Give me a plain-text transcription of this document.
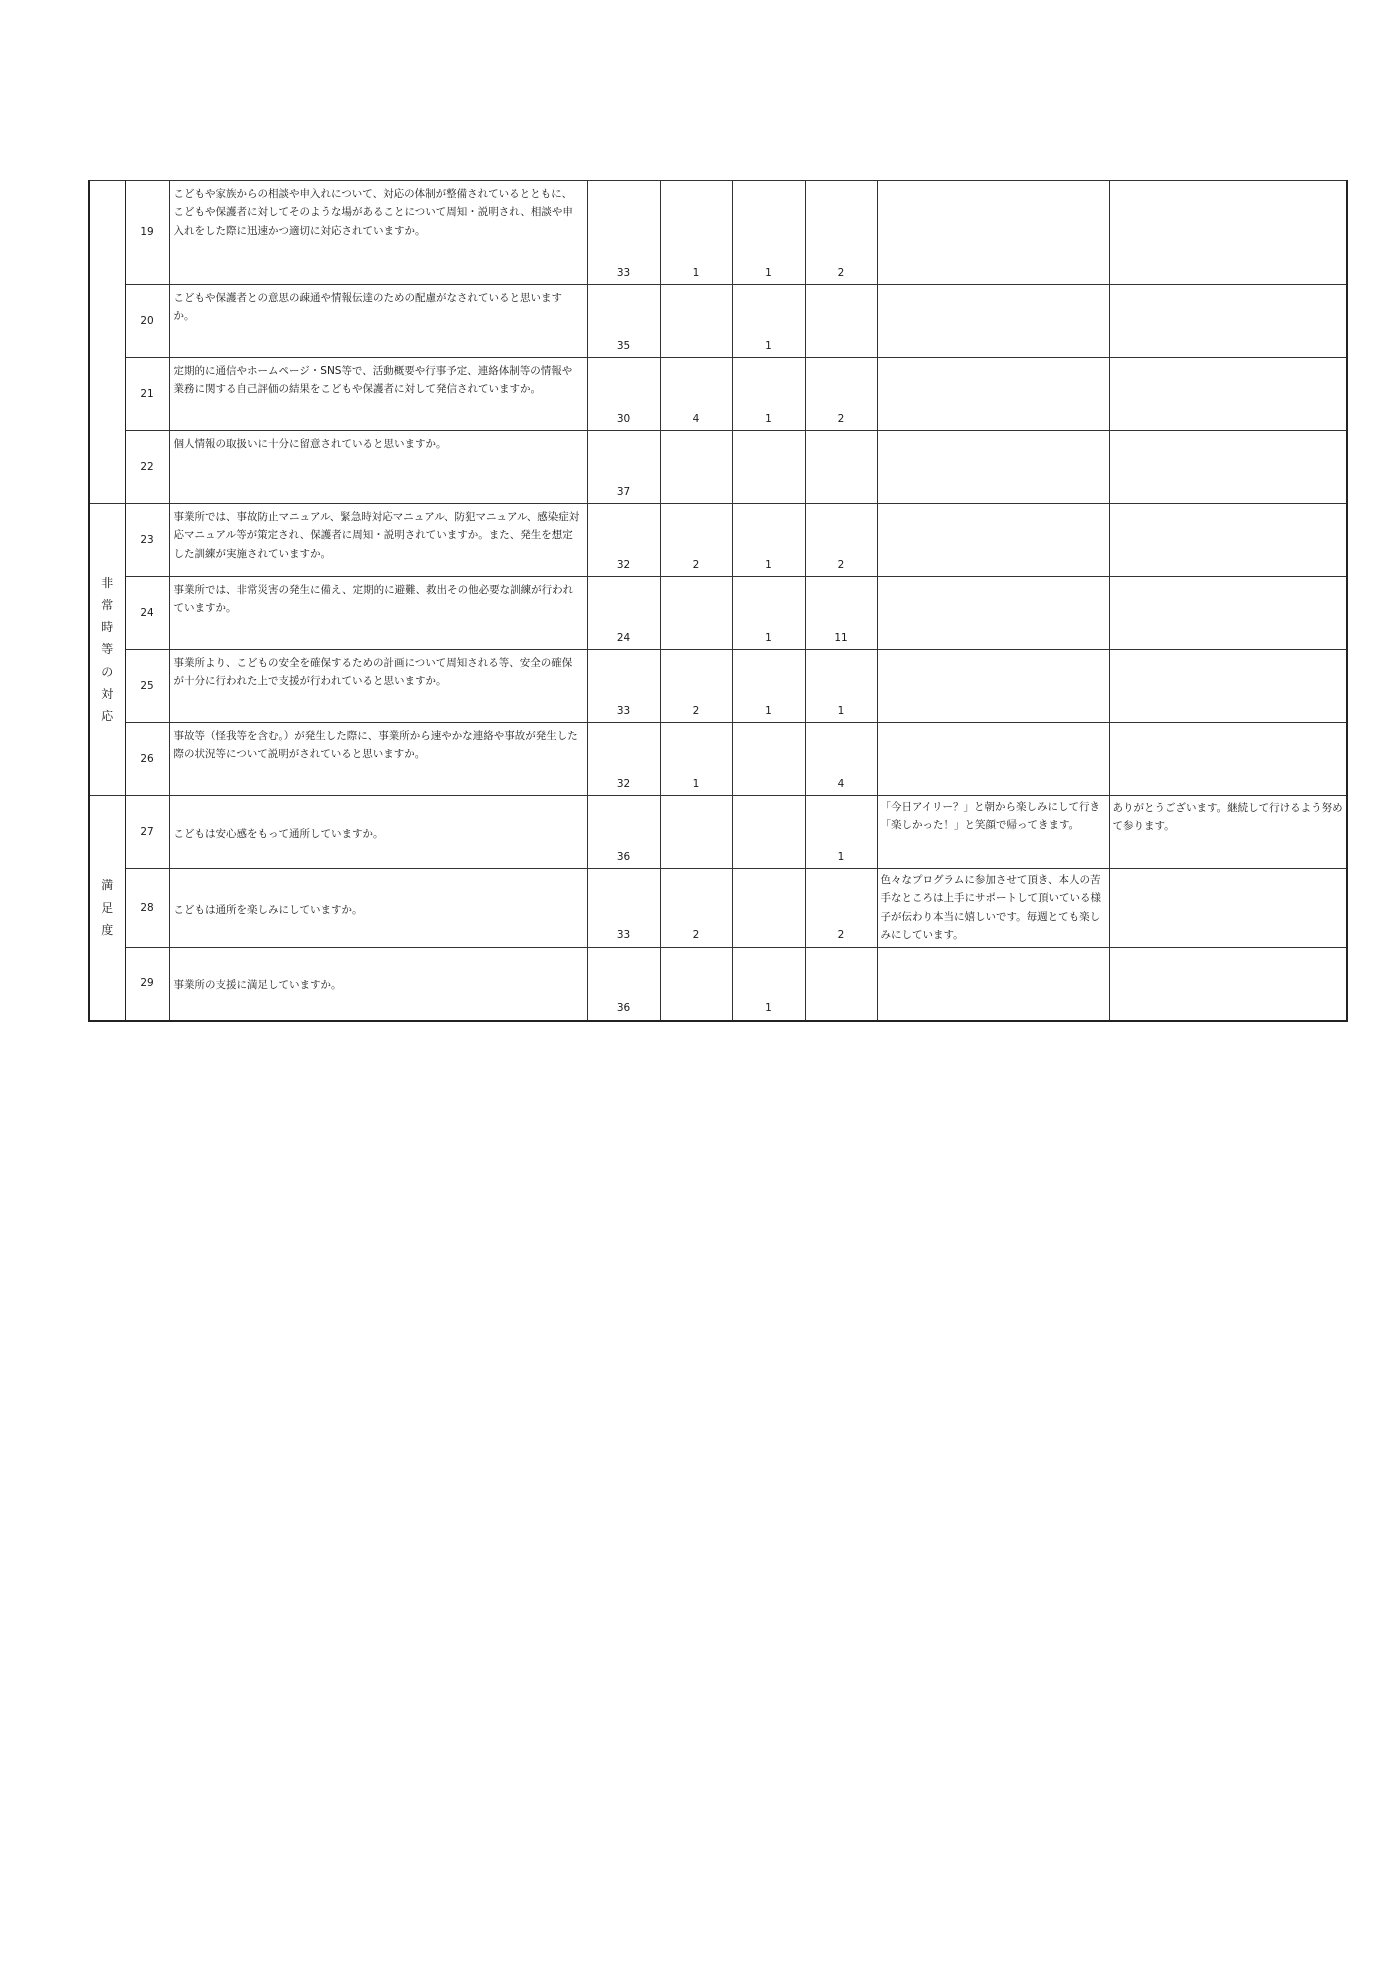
	19	こどもや家族からの相談や申入れについて、対応の体制が整備されているとともに、こどもや保護者に対してそのような場があることについて周知・説明され、相談や申入れをした際に迅速かつ適切に対応されていますか。	33	1	1	2		
	20	こどもや保護者との意思の疎通や情報伝達のための配慮がなされていると思いますか。	35		1			
	21	定期的に通信やホームページ・SNS等で、活動概要や行事予定、連絡体制等の情報や業務に関する自己評価の結果をこどもや保護者に対して発信されていますか。	30	4	1	2		
	22	個人情報の取扱いに十分に留意されていると思いますか。	37					
非常時等の対応	23	事業所では、事故防止マニュアル、緊急時対応マニュアル、防犯マニュアル、感染症対応マニュアル等が策定され、保護者に周知・説明されていますか。また、発生を想定した訓練が実施されていますか。	32	2	1	2		
	24	事業所では、非常災害の発生に備え、定期的に避難、救出その他必要な訓練が行われていますか。	24		1	11		
	25	事業所より、こどもの安全を確保するための計画について周知される等、安全の確保が十分に行われた上で支援が行われていると思いますか。	33	2	1	1		
	26	事故等（怪我等を含む。）が発生した際に、事業所から速やかな連絡や事故が発生した際の状況等について説明がされていると思いますか。	32	1		4		
満足度	27	こどもは安心感をもって通所していますか。	36			1	「今日アイリー？」と朝から楽しみにして行き「楽しかった！」と笑顔で帰ってきます。	ありがとうございます。継続して行けるよう努めて参ります。
	28	こどもは通所を楽しみにしていますか。	33	2		2	色々なプログラムに参加させて頂き、本人の苦手なところは上手にサポートして頂いている様子が伝わり本当に嬉しいです。毎週とても楽しみにしています。	
	29	事業所の支援に満足していますか。	36		1			
